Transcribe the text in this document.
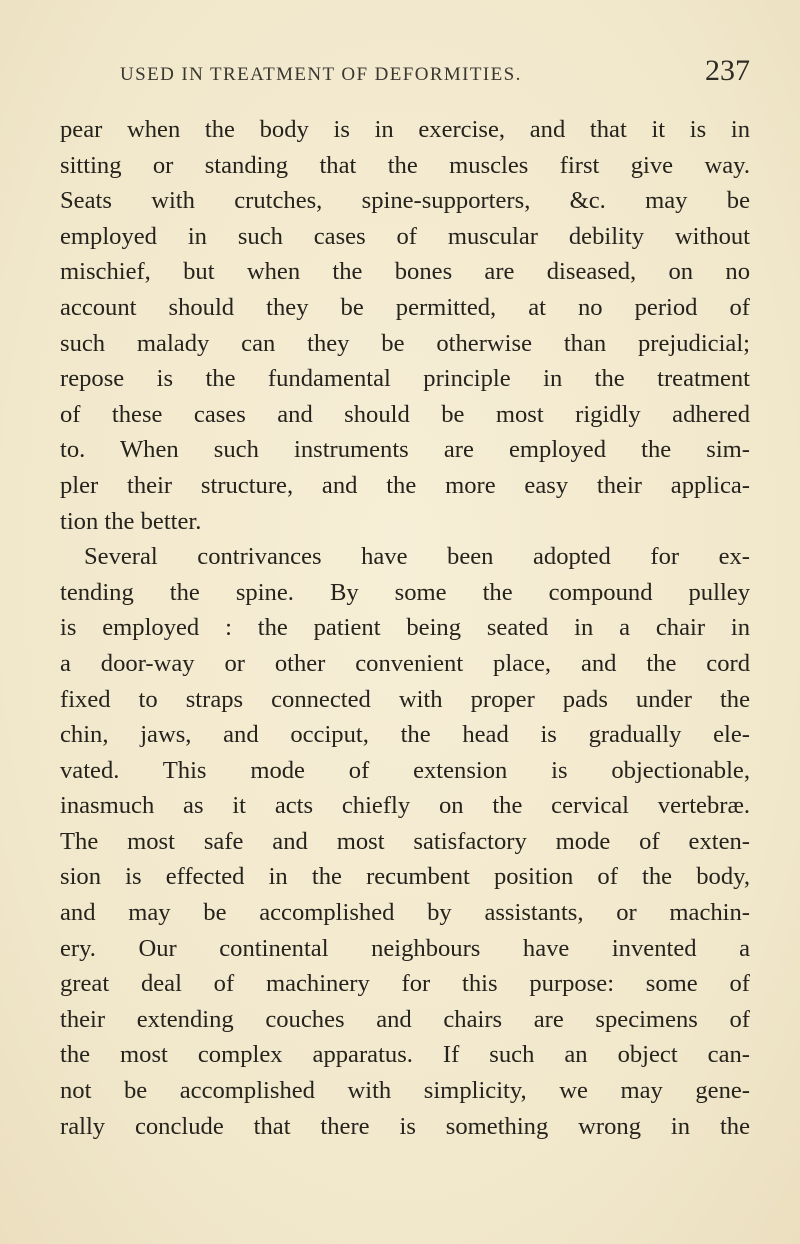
USED IN TREATMENT OF DEFORMITIES.	237
pear when the body is in exercise, and that it is in
sitting or standing that the muscles first give way.
Seats with crutches, spine-supporters, &c. may be
employed in such cases of muscular debility without
mischief, but when the bones are diseased, on no
account should they be permitted, at no period of
such malady can they be otherwise than prejudicial;
repose is the fundamental principle in the treatment
of these cases and should be most rigidly adhered
to. When such instruments are employed the sim-
pler their structure, and the more easy their applica-
tion the better.
Several contrivances have been adopted for ex-
tending the spine. By some the compound pulley
is employed : the patient being seated in a chair in
a door-way or other convenient place, and the cord
fixed to straps connected with proper pads under the
chin, jaws, and occiput, the head is gradually ele-
vated. This mode of extension is objectionable,
inasmuch as it acts chiefly on the cervical vertebræ.
The most safe and most satisfactory mode of exten-
sion is effected in the recumbent position of the body,
and may be accomplished by assistants, or machin-
ery. Our continental neighbours have invented a
great deal of machinery for this purpose: some of
their extending couches and chairs are specimens of
the most complex apparatus. If such an object can-
not be accomplished with simplicity, we may gene-
rally conclude that there is something wrong in the
